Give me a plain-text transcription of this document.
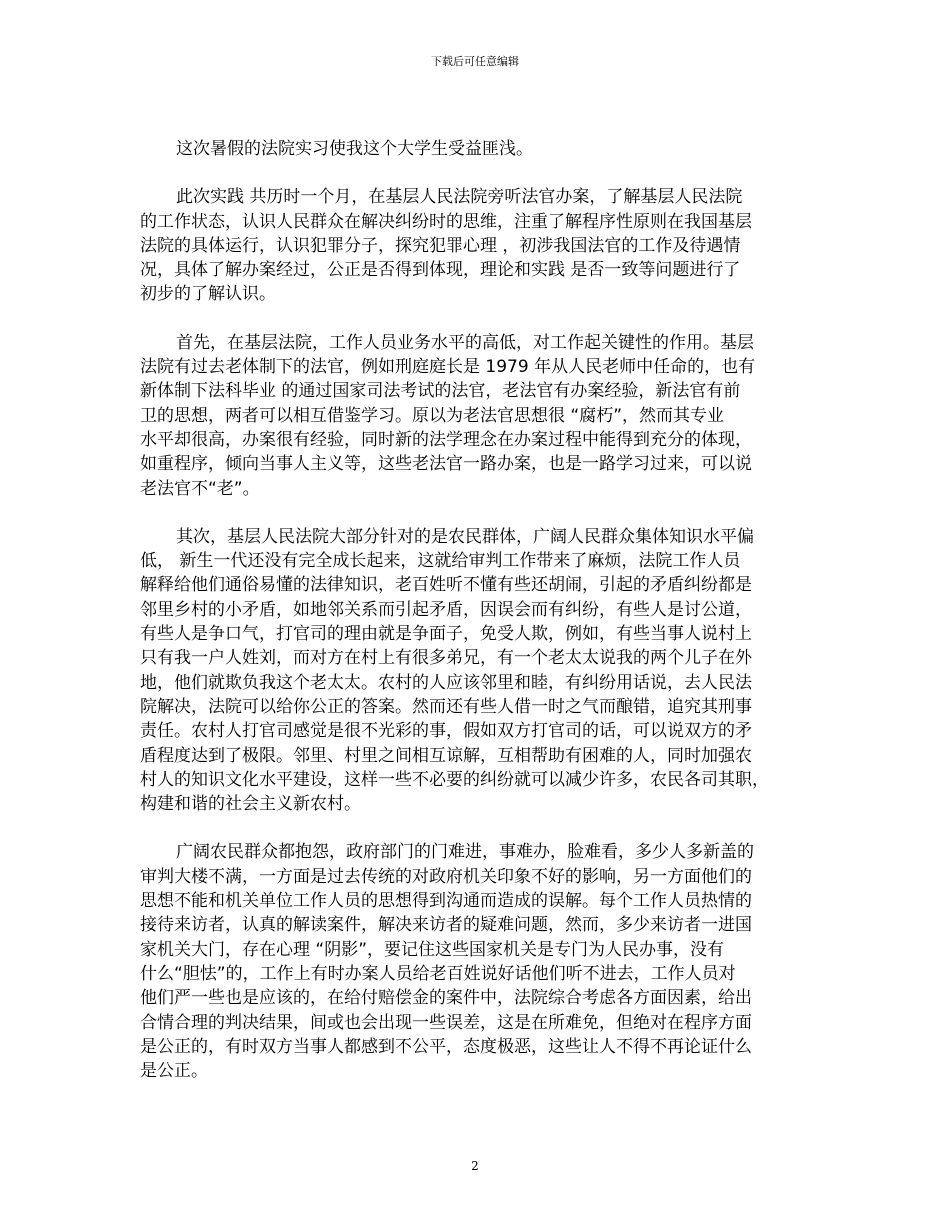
下载后可任意编辑

这次暑假的法院实习使我这个大学生受益匪浅。

此次实践 共历时一个月，在基层人民法院旁听法官办案，了解基层人民法院
的工作状态，认识人民群众在解决纠纷时的思维，注重了解程序性原则在我国基层
法院的具体运行，认识犯罪分子，探究犯罪心理 ，初涉我国法官的工作及待遇情
况，具体了解办案经过，公正是否得到体现，理论和实践 是否一致等问题进行了
初步的了解认识。

首先，在基层法院，工作人员业务水平的高低，对工作起关键性的作用。基层
法院有过去老体制下的法官，例如刑庭庭长是 1979 年从人民老师中任命的，也有
新体制下法科毕业 的通过国家司法考试的法官，老法官有办案经验，新法官有前
卫的思想，两者可以相互借鉴学习。原以为老法官思想很 “腐朽”，然而其专业
水平却很高，办案很有经验，同时新的法学理念在办案过程中能得到充分的体现，
如重程序，倾向当事人主义等，这些老法官一路办案，也是一路学习过来，可以说
老法官不“老”。

其次，基层人民法院大部分针对的是农民群体，广阔人民群众集体知识水平偏
低， 新生一代还没有完全成长起来，这就给审判工作带来了麻烦，法院工作人员
解释给他们通俗易懂的法律知识，老百姓听不懂有些还胡闹，引起的矛盾纠纷都是
邻里乡村的小矛盾，如地邻关系而引起矛盾，因误会而有纠纷，有些人是讨公道，
有些人是争口气，打官司的理由就是争面子，免受人欺，例如，有些当事人说村上
只有我一户人姓刘，而对方在村上有很多弟兄，有一个老太太说我的两个儿子在外
地，他们就欺负我这个老太太。农村的人应该邻里和睦，有纠纷用话说，去人民法
院解决，法院可以给你公正的答案。然而还有些人借一时之气而酿错，追究其刑事
责任。农村人打官司感觉是很不光彩的事，假如双方打官司的话，可以说双方的矛
盾程度达到了极限。邻里、村里之间相互谅解，互相帮助有困难的人，同时加强农
村人的知识文化水平建设，这样一些不必要的纠纷就可以减少许多，农民各司其职，
构建和谐的社会主义新农村。

广阔农民群众都抱怨，政府部门的门难进，事难办，脸难看，多少人多新盖的
审判大楼不满，一方面是过去传统的对政府机关印象不好的影响，另一方面他们的
思想不能和机关单位工作人员的思想得到沟通而造成的误解。每个工作人员热情的
接待来访者，认真的解读案件，解决来访者的疑难问题，然而，多少来访者一进国
家机关大门，存在心理 “阴影”，要记住这些国家机关是专门为人民办事，没有
什么“胆怯”的，工作上有时办案人员给老百姓说好话他们听不进去，工作人员对
他们严一些也是应该的，在给付赔偿金的案件中，法院综合考虑各方面因素，给出
合情合理的判决结果，间或也会出现一些误差，这是在所难免，但绝对在程序方面
是公正的，有时双方当事人都感到不公平，态度极恶，这些让人不得不再论证什么
是公正。

2
